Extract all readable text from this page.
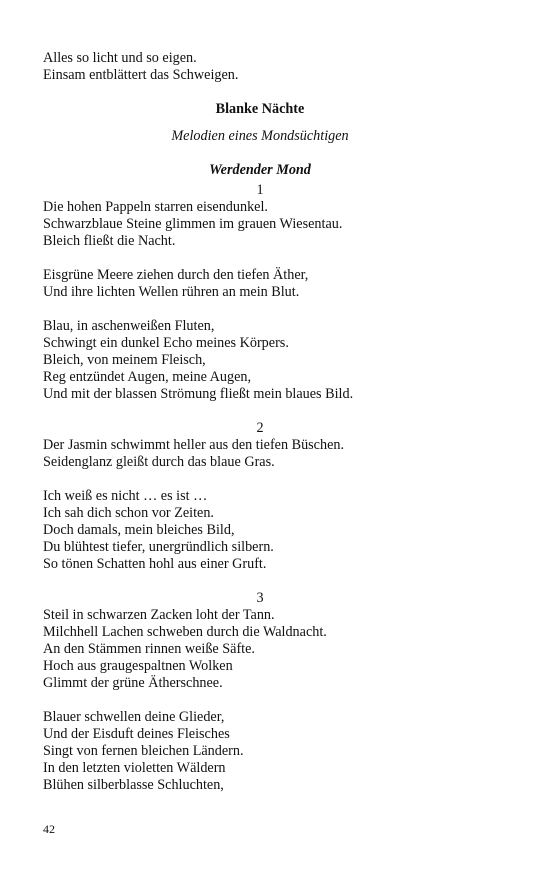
Alles so licht und so eigen.
Einsam entblättert das Schweigen.
Blanke Nächte
Melodien eines Mondsüchtigen
Werdender Mond
1
Die hohen Pappeln starren eisendunkel.
Schwarzblaue Steine glimmen im grauen Wiesentau.
Bleich fließt die Nacht.
Eisgrüne Meere ziehen durch den tiefen Äther,
Und ihre lichten Wellen rühren an mein Blut.
Blau, in aschenweißen Fluten,
Schwingt ein dunkel Echo meines Körpers.
Bleich, von meinem Fleisch,
Reg entzündet Augen, meine Augen,
Und mit der blassen Strömung fließt mein blaues Bild.
2
Der Jasmin schwimmt heller aus den tiefen Büschen.
Seidenglanz gleißt durch das blaue Gras.
Ich weiß es nicht … es ist …
Ich sah dich schon vor Zeiten.
Doch damals, mein bleiches Bild,
Du blühtest tiefer, unergründlich silbern.
So tönen Schatten hohl aus einer Gruft.
3
Steil in schwarzen Zacken loht der Tann.
Milchhell Lachen schweben durch die Waldnacht.
An den Stämmen rinnen weiße Säfte.
Hoch aus graugespaltnen Wolken
Glimmt der grüne Ätherschnee.
Blauer schwellen deine Glieder,
Und der Eisduft deines Fleisches
Singt von fernen bleichen Ländern.
In den letzten violetten Wäldern
Blühen silberblasse Schluchten,
42
